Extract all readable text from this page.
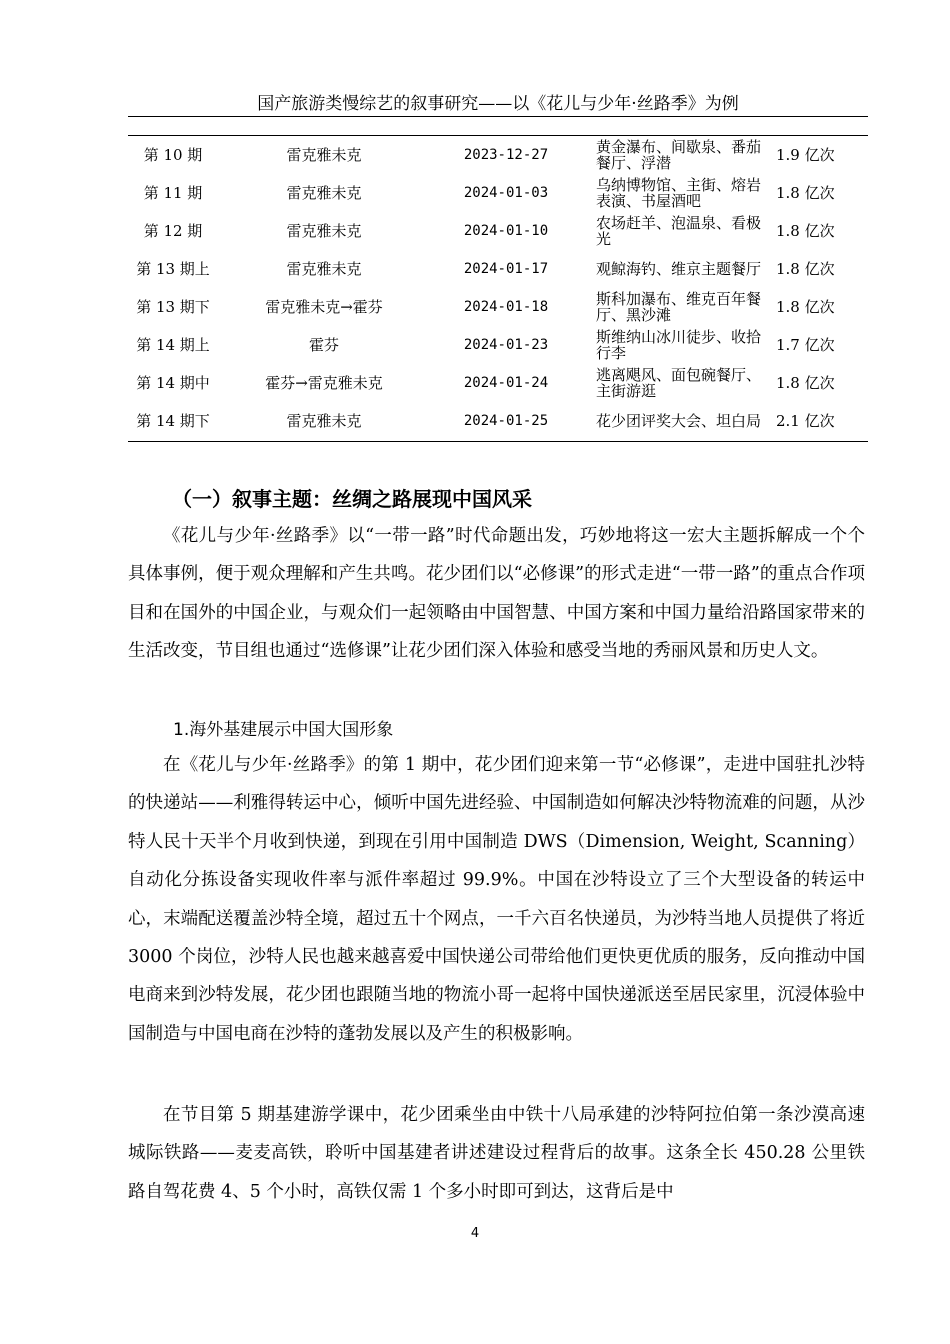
国产旅游类慢综艺的叙事研究——以《花儿与少年·丝路季》为例
第 10 期	雷克雅未克	2023-12-27	黄金瀑布、间歇泉、番茄餐厅、浮潜	1.9 亿次
第 11 期	雷克雅未克	2024-01-03	乌纳博物馆、主街、熔岩表演、书屋酒吧	1.8 亿次
第 12 期	雷克雅未克	2024-01-10	农场赶羊、泡温泉、看极光	1.8 亿次
第 13 期上	雷克雅未克	2024-01-17	观鲸海钓、维京主题餐厅	1.8 亿次
第 13 期下	雷克雅未克→霍芬	2024-01-18	斯科加瀑布、维克百年餐厅、黑沙滩	1.8 亿次
第 14 期上	霍芬	2024-01-23	斯维纳山冰川徒步、收拾行李	1.7 亿次
第 14 期中	霍芬→雷克雅未克	2024-01-24	逃离飓风、面包碗餐厅、主街游逛	1.8 亿次
第 14 期下	雷克雅未克	2024-01-25	花少团评奖大会、坦白局	2.1 亿次
（一）叙事主题：丝绸之路展现中国风采

《花儿与少年·丝路季》以“一带一路”时代命题出发，巧妙地将这一宏大主题拆解成一个个具体事例，便于观众理解和产生共鸣。花少团们以“必修课”的形式走进“一带一路”的重点合作项目和在国外的中国企业，与观众们一起领略由中国智慧、中国方案和中国力量给沿路国家带来的生活改变，节目组也通过“选修课”让花少团们深入体验和感受当地的秀丽风景和历史人文。

1.海外基建展示中国大国形象

在《花儿与少年·丝路季》的第 1 期中，花少团们迎来第一节“必修课”，走进中国驻扎沙特的快递站——利雅得转运中心，倾听中国先进经验、中国制造如何解决沙特物流难的问题，从沙特人民十天半个月收到快递，到现在引用中国制造 DWS（Dimension, Weight, Scanning）自动化分拣设备实现收件率与派件率超过 99.9%。中国在沙特设立了三个大型设备的转运中心，末端配送覆盖沙特全境，超过五十个网点，一千六百名快递员，为沙特当地人员提供了将近 3000 个岗位，沙特人民也越来越喜爱中国快递公司带给他们更快更优质的服务，反向推动中国电商来到沙特发展，花少团也跟随当地的物流小哥一起将中国快递派送至居民家里，沉浸体验中国制造与中国电商在沙特的蓬勃发展以及产生的积极影响。

在节目第 5 期基建游学课中，花少团乘坐由中铁十八局承建的沙特阿拉伯第一条沙漠高速城际铁路——麦麦高铁，聆听中国基建者讲述建设过程背后的故事。这条全长 450.28 公里铁路自驾花费 4、5 个小时，高铁仅需 1 个多小时即可到达，这背后是中

4
